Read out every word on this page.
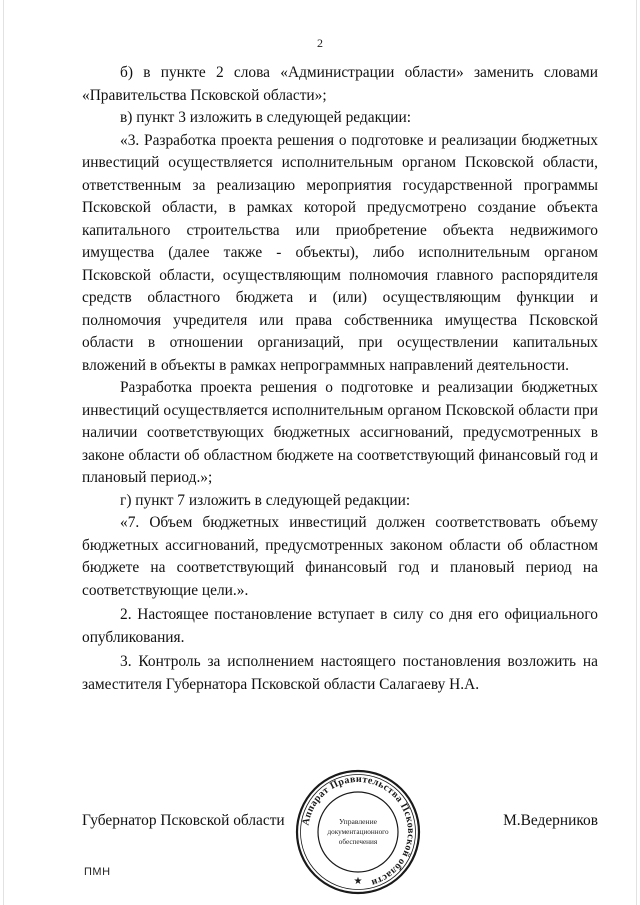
2

б) в пункте 2 слова «Администрации области» заменить словами «Правительства Псковской области»;

в) пункт 3 изложить в следующей редакции:

«3. Разработка проекта решения о подготовке и реализации бюджетных инвестиций осуществляется исполнительным органом Псковской области, ответственным за реализацию мероприятия государственной программы Псковской области, в рамках которой предусмотрено создание объекта капитального строительства или приобретение объекта недвижимого имущества (далее также - объекты), либо исполнительным органом Псковской области, осуществляющим полномочия главного распорядителя средств областного бюджета и (или) осуществляющим функции и полномочия учредителя или права собственника имущества Псковской области в отношении организаций, при осуществлении капитальных вложений в объекты в рамках непрограммных направлений деятельности.

Разработка проекта решения о подготовке и реализации бюджетных инвестиций осуществляется исполнительным органом Псковской области при наличии соответствующих бюджетных ассигнований, предусмотренных в законе области об областном бюджете на соответствующий финансовый год и плановый период.»;

г) пункт 7 изложить в следующей редакции:

«7. Объем бюджетных инвестиций должен соответствовать объему бюджетных ассигнований, предусмотренных законом области об областном бюджете на соответствующий финансовый год и плановый период на соответствующие цели.».

2. Настоящее постановление вступает в силу со дня его официального опубликования.

3. Контроль за исполнением настоящего постановления возложить на заместителя Губернатора Псковской области Салагаеву Н.А.

Губернатор Псковской области	М.Ведерников
Аппарат Правительства Псковской области
Управление
документационного
обеспечения
★
ПМН
